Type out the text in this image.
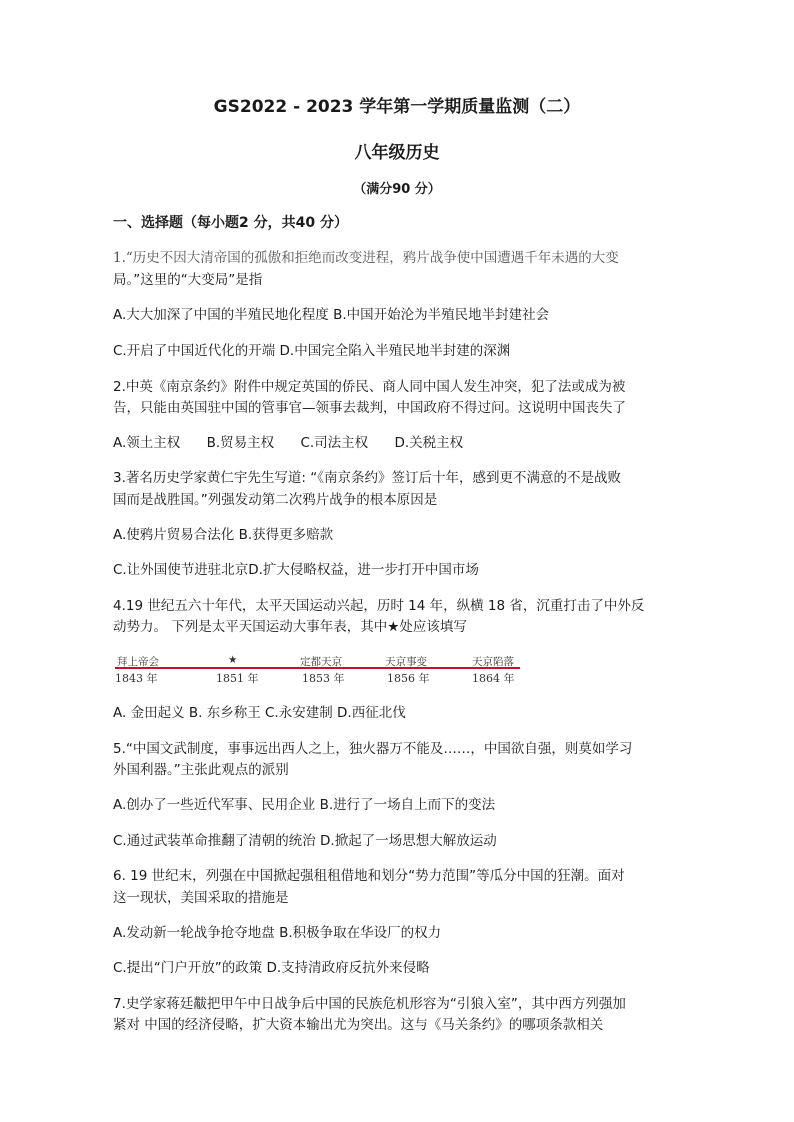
GS2022 - 2023 学年第一学期质量监测（二）
八年级历史
（满分90 分）
一、选择题（每小题2 分，共40 分）
1.“历史不因大清帝国的孤傲和拒绝而改变进程，鸦片战争使中国遭遇千年未遇的大变
局。”这里的“大变局”是指
A.大大加深了中国的半殖民地化程度 B.中国开始沦为半殖民地半封建社会
C.开启了中国近代化的开端 D.中国完全陷入半殖民地半封建的深渊
2.中英《南京条约》附件中规定英国的侨民、商人同中国人发生冲突，犯了法或成为被
告，只能由英国驻中国的管事官—领事去裁判，中国政府不得过问。这说明中国丧失了
A.领土主权 B.贸易主权 C.司法主权 D.关税主权
3.著名历史学家黄仁宇先生写道: “《南京条约》签订后十年，感到更不满意的不是战败
国而是战胜国。”列强发动第二次鸦片战争的根本原因是
A.使鸦片贸易合法化 B.获得更多赔款
C.让外国使节进驻北京D.扩大侵略权益，进一步打开中国市场
4.19 世纪五六十年代，太平天国运动兴起，历时 14 年，纵横 18 省，沉重打击了中外反
动势力。 下列是太平天国运动大事年表，其中★处应该填写
拜上帝会	★	定都天京	天京事变	天京陷落
1843 年	1851 年	1853 年	1856 年	1864 年
A. 金田起义 B. 东乡称王 C.永安建制 D.西征北伐
5.“中国文武制度，事事远出西人之上，独火器万不能及……，中国欲自强，则莫如学习
外国利器。”主张此观点的派别
A.创办了一些近代军事、民用企业 B.进行了一场自上而下的变法
C.通过武装革命推翻了清朝的统治 D.掀起了一场思想大解放运动
6. 19 世纪末，列强在中国掀起强租租借地和划分“势力范围”等瓜分中国的狂潮。面对
这一现状，美国采取的措施是
A.发动新一轮战争抢夺地盘 B.积极争取在华设厂的权力
C.提出“门户开放”的政策 D.支持清政府反抗外来侵略
7.史学家蒋廷黻把甲午中日战争后中国的民族危机形容为“引狼入室”，其中西方列强加
紧对 中国的经济侵略，扩大资本输出尤为突出。这与《马关条约》的哪项条款相关
